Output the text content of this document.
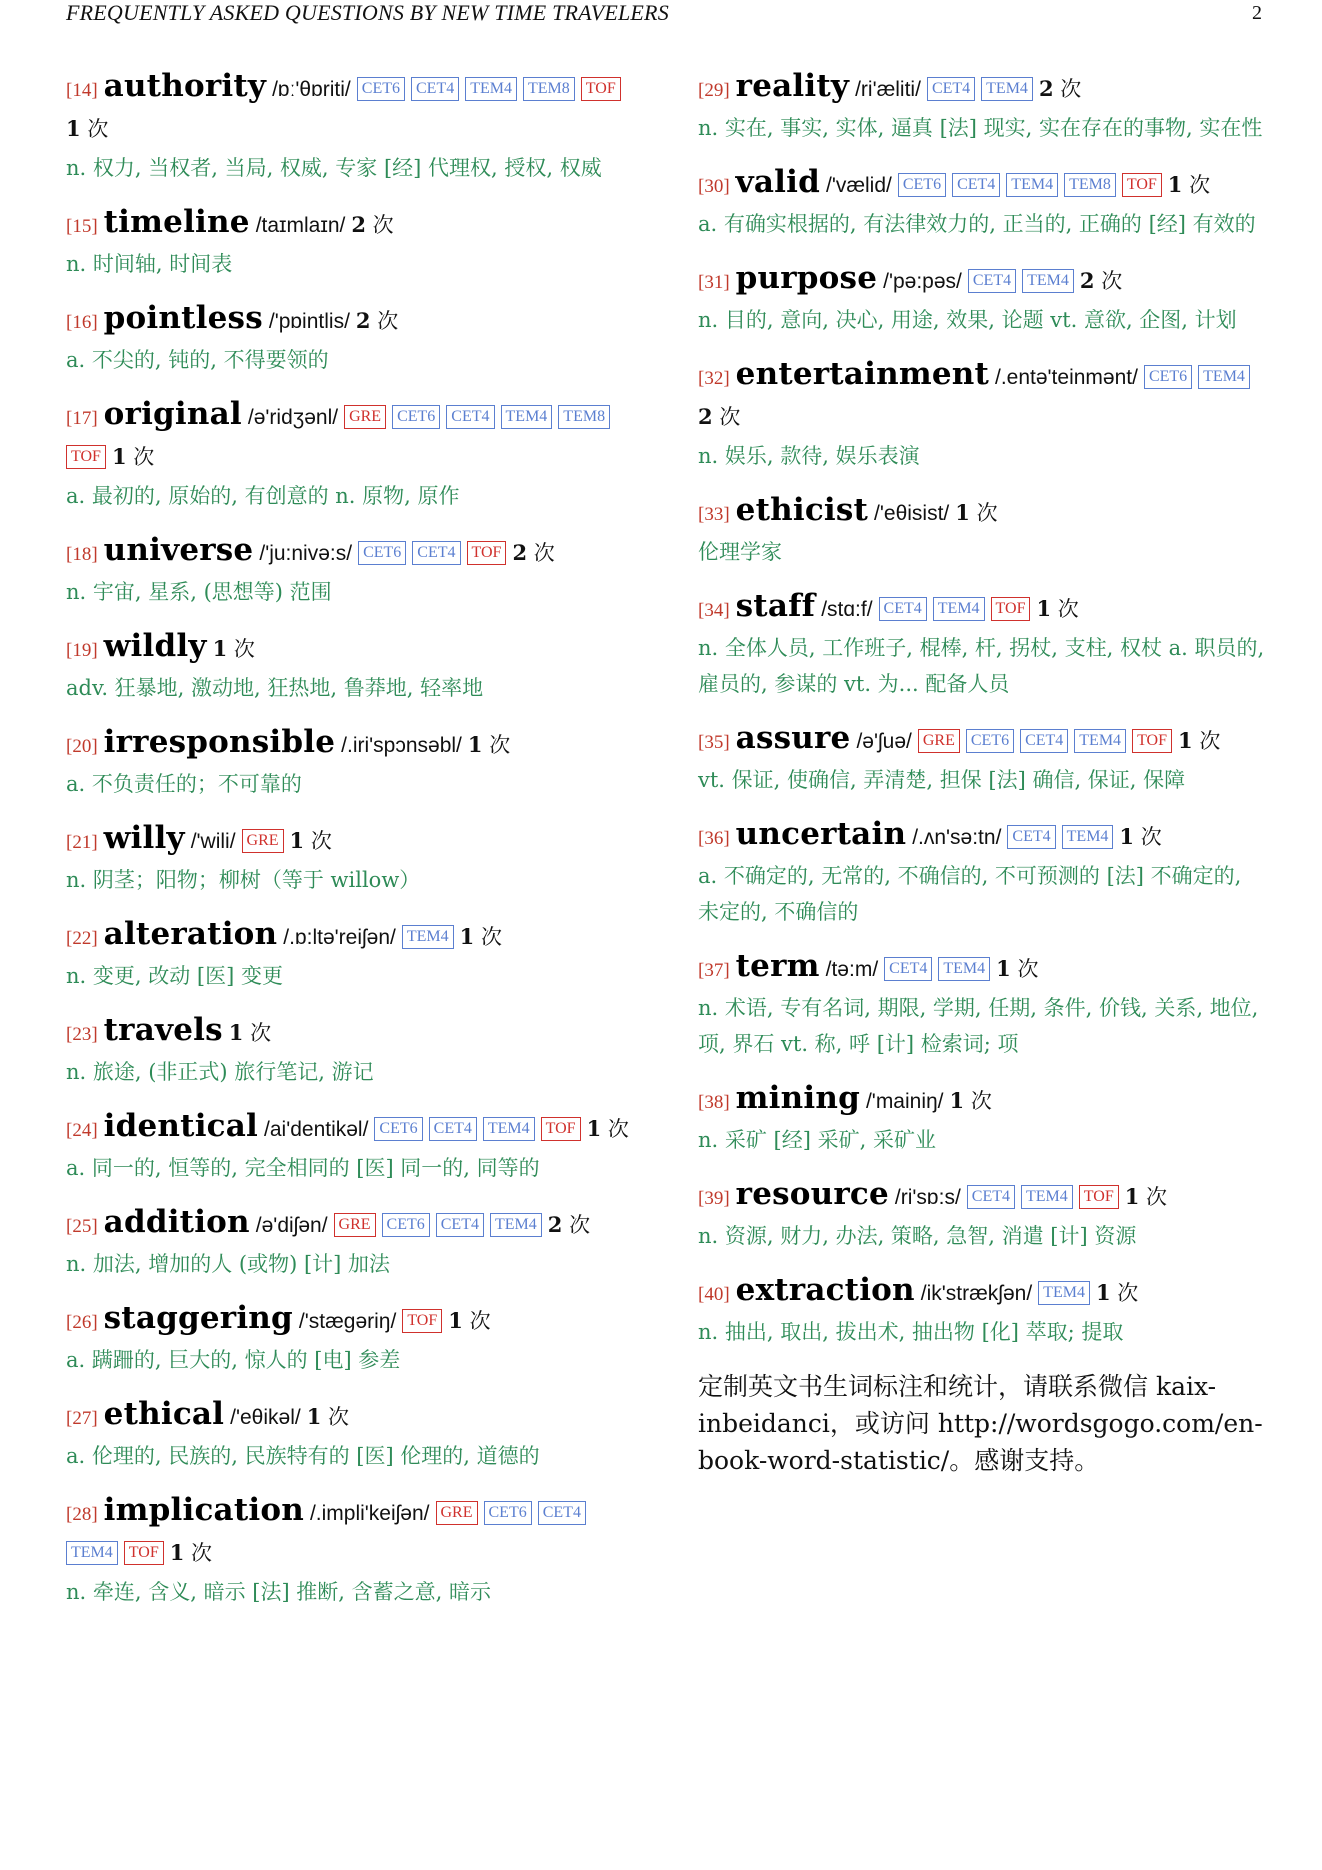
FREQUENTLY ASKED QUESTIONS BY NEW TIME TRAVELERS	2
[14] authority /ɒː'θɒriti/ CET6 CET4 TEM4 TEM8 TOF1 次
n. 权力, 当权者, 当局, 权威, 专家 [经] 代理权, 授权, 权威
[15] timeline /taɪmlaɪn/ 2 次
n. 时间轴, 时间表
[16] pointless /'pɒintlis/ 2 次
a. 不尖的, 钝的, 不得要领的
[17] original /ə'ridʒənl/ GRE CET6 CET4 TEM4 TEM8TOF 1 次
a. 最初的, 原始的, 有创意的 n. 原物, 原作
[18] universe /'ju:nivə:s/ CET6 CET4 TOF 2 次
n. 宇宙, 星系, (思想等) 范围
[19] wildly 1 次
adv. 狂暴地, 激动地, 狂热地, 鲁莽地, 轻率地
[20] irresponsible /.iri'spɔnsəbl/ 1 次
a. 不负责任的；不可靠的
[21] willy /'wili/ GRE 1 次
n. 阴茎；阳物；柳树（等于 willow）
[22] alteration /.ɒ:ltə'reiʃən/ TEM4 1 次
n. 变更, 改动 [医] 变更
[23] travels 1 次
n. 旅途, (非正式) 旅行笔记, 游记
[24] identical /ai'dentikəl/ CET6 CET4 TEM4 TOF 1 次
a. 同一的, 恒等的, 完全相同的 [医] 同一的, 同等的
[25] addition /ə'diʃən/ GRE CET6 CET4 TEM4 2 次
n. 加法, 增加的人 (或物) [计] 加法
[26] staggering /'stægəriŋ/ TOF 1 次
a. 蹒跚的, 巨大的, 惊人的 [电] 参差
[27] ethical /'eθikəl/ 1 次
a. 伦理的, 民族的, 民族特有的 [医] 伦理的, 道德的
[28] implication /.impli'keiʃən/ GRE CET6 CET4TEM4 TOF 1 次
n. 牵连, 含义, 暗示 [法] 推断, 含蓄之意, 暗示
[29] reality /ri'æliti/ CET4 TEM4 2 次
n. 实在, 事实, 实体, 逼真 [法] 现实, 实在存在的事物, 实在性
[30] valid /'vælid/ CET6 CET4 TEM4 TEM8 TOF 1 次
a. 有确实根据的, 有法律效力的, 正当的, 正确的 [经] 有效的
[31] purpose /'pə:pəs/ CET4 TEM4 2 次
n. 目的, 意向, 决心, 用途, 效果, 论题 vt. 意欲, 企图, 计划
[32] entertainment /.entə'teinmənt/ CET6 TEM42 次
n. 娱乐, 款待, 娱乐表演
[33] ethicist /'eθisist/ 1 次
伦理学家
[34] staff /stɑ:f/ CET4 TEM4 TOF 1 次
n. 全体人员, 工作班子, 棍棒, 杆, 拐杖, 支柱, 权杖 a. 职员的, 雇员的, 参谋的 vt. 为... 配备人员
[35] assure /ə'ʃuə/ GRE CET6 CET4 TEM4 TOF 1 次
vt. 保证, 使确信, 弄清楚, 担保 [法] 确信, 保证, 保障
[36] uncertain /.ʌn'sə:tn/ CET4 TEM4 1 次
a. 不确定的, 无常的, 不确信的, 不可预测的 [法] 不确定的, 未定的, 不确信的
[37] term /tə:m/ CET4 TEM4 1 次
n. 术语, 专有名词, 期限, 学期, 任期, 条件, 价钱, 关系, 地位, 项, 界石 vt. 称, 呼 [计] 检索词; 项
[38] mining /'mainiŋ/ 1 次
n. 采矿 [经] 采矿, 采矿业
[39] resource /ri'sɒ:s/ CET4 TEM4 TOF 1 次
n. 资源, 财力, 办法, 策略, 急智, 消遣 [计] 资源
[40] extraction /ik'strækʃən/ TEM4 1 次
n. 抽出, 取出, 拔出术, 抽出物 [化] 萃取; 提取
定制英文书生词标注和统计，请联系微信 kaix-inbeidanci，或访问 http://wordsgogo.com/en-book-word-statistic/。感谢支持。
